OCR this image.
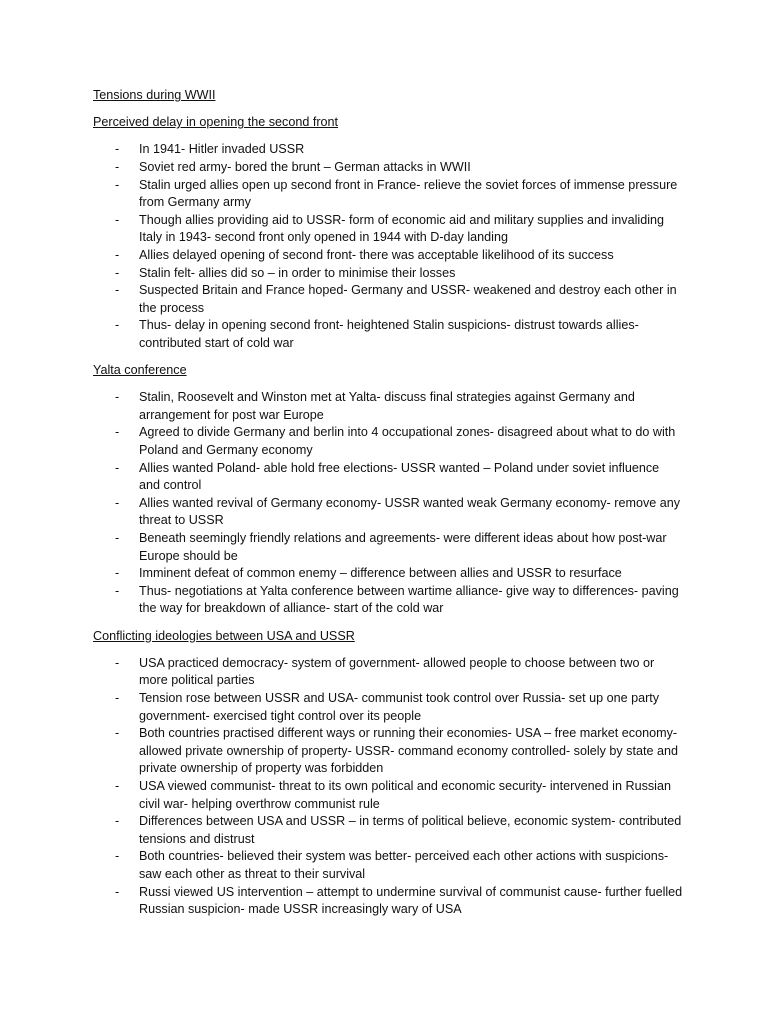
Tensions during WWII

Perceived delay in opening the second front

- In 1941- Hitler invaded USSR
- Soviet red army- bored the brunt – German attacks in WWII
- Stalin urged allies open up second front in France- relieve the soviet forces of immense pressure from Germany army
- Though allies providing aid to USSR- form of economic aid and military supplies and invaliding Italy in 1943- second front only opened in 1944 with D-day landing
- Allies delayed opening of second front- there was acceptable likelihood of its success
- Stalin felt- allies did so – in order to minimise their losses
- Suspected Britain and France hoped- Germany and USSR- weakened and destroy each other in the process
- Thus- delay in opening second front- heightened Stalin suspicions- distrust towards allies- contributed start of cold war

Yalta conference

- Stalin, Roosevelt and Winston met at Yalta- discuss final strategies against Germany and arrangement for post war Europe
- Agreed to divide Germany and berlin into 4 occupational zones- disagreed about what to do with Poland and Germany economy
- Allies wanted Poland- able hold free elections- USSR wanted – Poland under soviet influence and control
- Allies wanted revival of Germany economy- USSR wanted weak Germany economy- remove any threat to USSR
- Beneath seemingly friendly relations and agreements- were different ideas about how post-war Europe should be
- Imminent defeat of common enemy – difference between allies and USSR to resurface
- Thus- negotiations at Yalta conference between wartime alliance- give way to differences- paving the way for breakdown of alliance- start of the cold war

Conflicting ideologies between USA and USSR

- USA practiced democracy- system of government- allowed people to choose between two or more political parties
- Tension rose between USSR and USA- communist took control over Russia- set up one party government- exercised tight control over its people
- Both countries practised different ways or running their economies- USA – free market economy- allowed private ownership of property- USSR- command economy controlled- solely by state and private ownership of property was forbidden
- USA viewed communist- threat to its own political and economic security- intervened in Russian civil war- helping overthrow communist rule
- Differences between USA and USSR – in terms of political believe, economic system- contributed tensions and distrust
- Both countries- believed their system was better- perceived each other actions with suspicions- saw each other as threat to their survival
- Russi viewed US intervention – attempt to undermine survival of communist cause- further fuelled Russian suspicion- made USSR increasingly wary of USA
